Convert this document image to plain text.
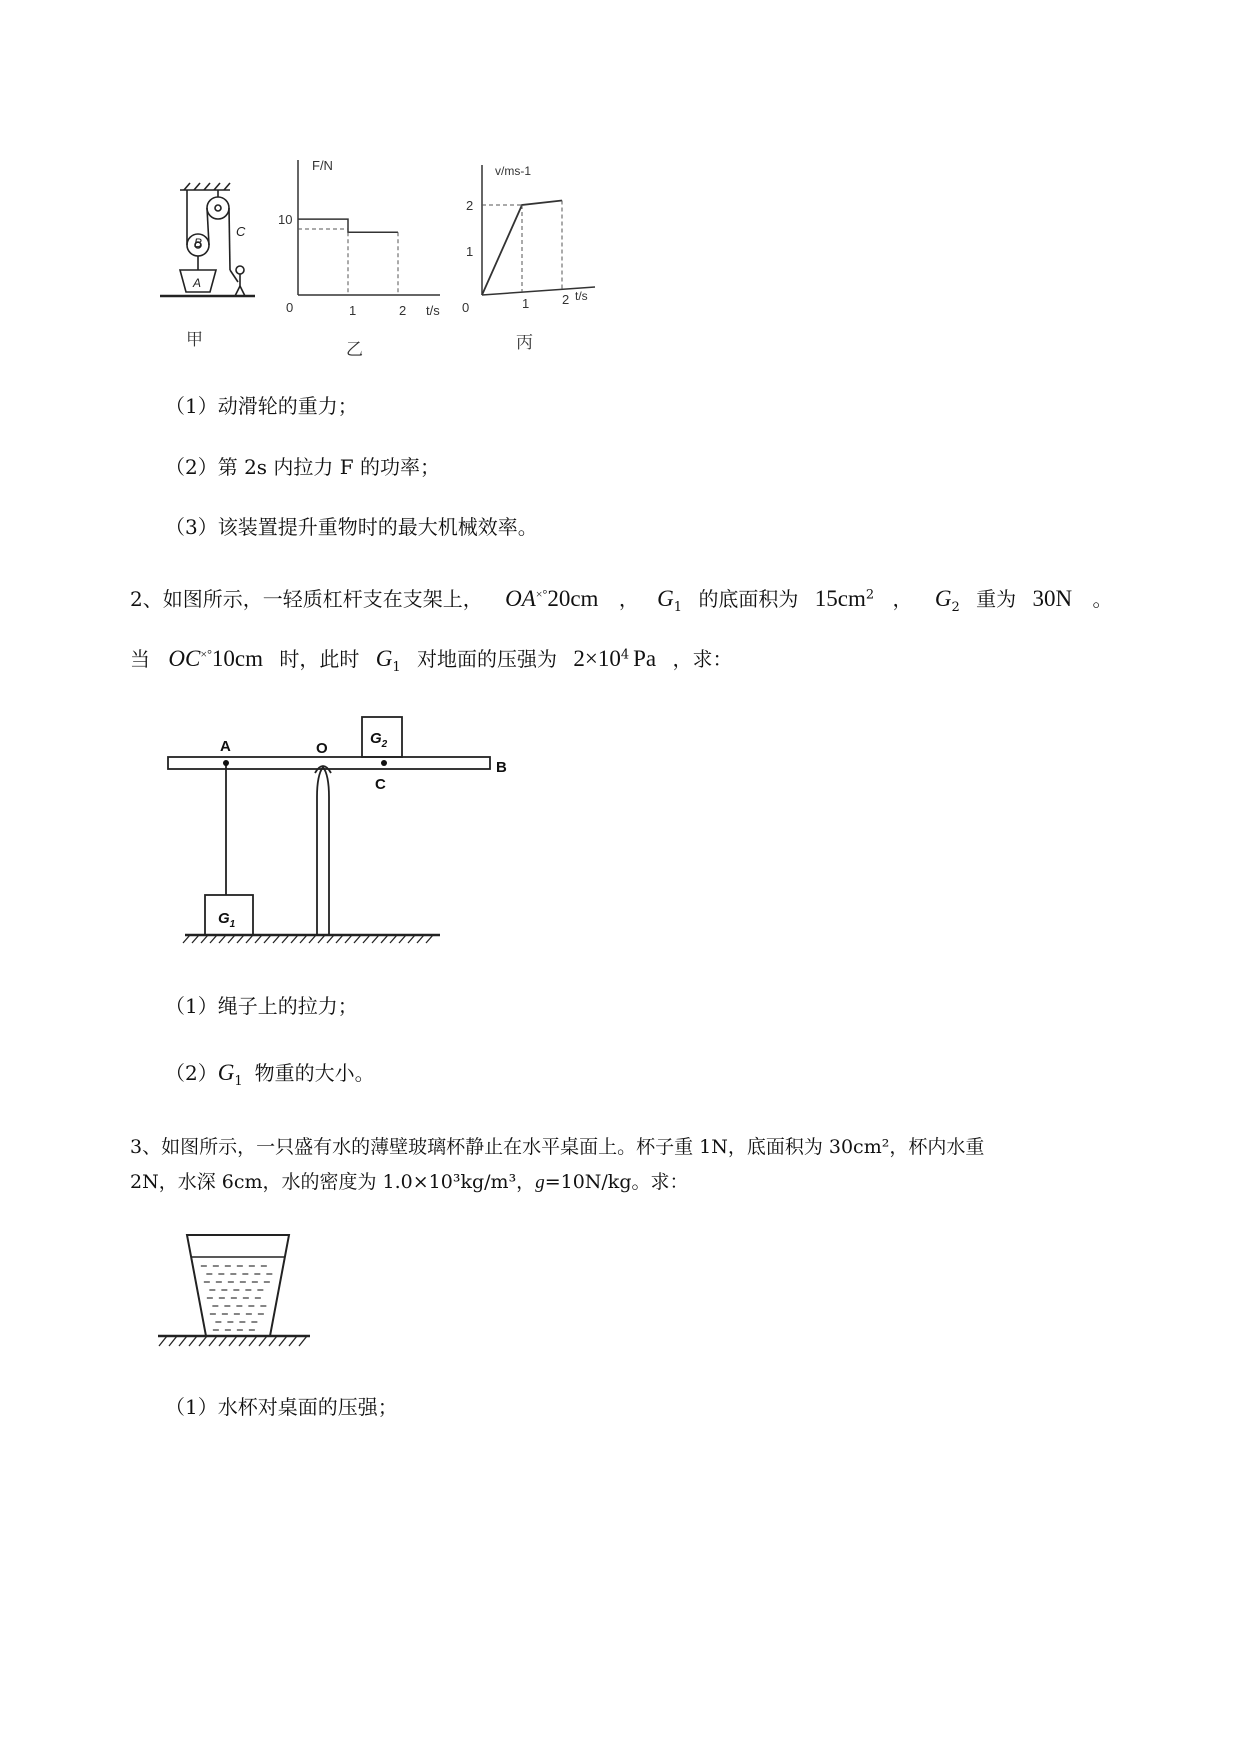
B
A
C
F/N
10
0	1	2 t/s
v/ms-1
2
1
0	1	2 t/s
甲
乙	丙
（1）动滑轮的重力；
（2）第 2s 内拉力 F 的功率；
（3）该装置提升重物时的最大机械效率。
2、如图所示，一轻质杠杆支在支架上， OA×°20cm ， $G_1$ 的底面积为 $15cm^2$ ， $G_2$ 重为 30N 。
当 OC×°10cm 时，此时 $G_1$ 对地面的压强为 $2\times 10^4$ Pa ，求：
A	O
C
B
$G_2$
$G_1$
（1）绳子上的拉力；
$(2)G_1$ 物重的大小。
3、如图所示，一只盛有水的薄壁玻璃杯静止在水平桌面上。杯子重 1N，底面积为 30cm²，杯内水重
2N，水深 6cm，水的密度为 1.0×10³kg/m³，g=10N/kg。求：
（1）水杯对桌面的压强；
